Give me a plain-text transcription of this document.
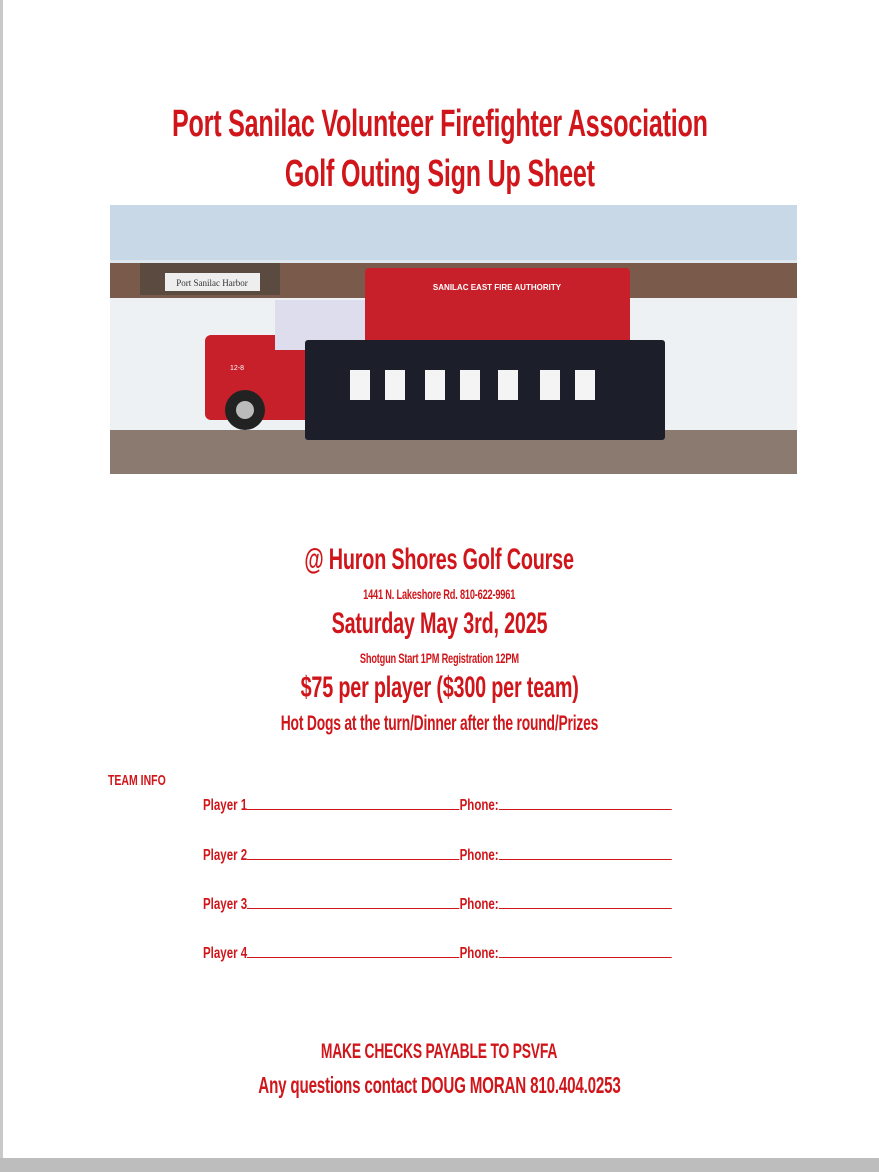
Port Sanilac Volunteer Firefighter Association
Golf Outing Sign Up Sheet
Port Sanilac Harbor	SANILAC EAST FIRE AUTHORITY
12-8
@ Huron Shores Golf Course
1441 N. Lakeshore Rd. 810-622-9961
Saturday May 3rd, 2025
Shotgun Start 1PM Registration 12PM
$75 per player ($300 per team)
Hot Dogs at the turn/Dinner after the round/Prizes
TEAM INFO
Player 1	Phone:
Player 2	Phone:
Player 3	Phone:
Player 4	Phone:
MAKE CHECKS PAYABLE TO PSVFA
Any questions contact DOUG MORAN 810.404.0253
